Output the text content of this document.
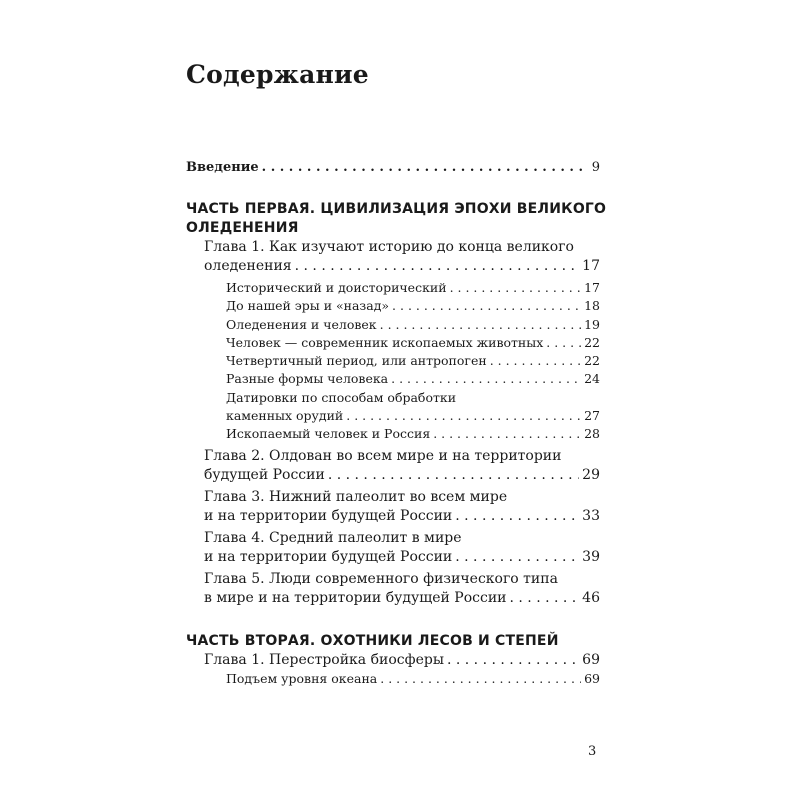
Содержание
Введение . . .	9
ЧАСТЬ ПЕРВАЯ. ЦИВИЛИЗАЦИЯ ЭПОХИ ВЕЛИКОГО
ОЛЕДЕНЕНИЯ
Глава 1. Как изучают историю до конца великого
оледенения . . .	17
Исторический и доисторический . . .	17
До нашей эры и «назад» . . .	18
Оледенения и человек . . .	19
Человек — современник ископаемых животных . . .	22
Четвертичный период, или антропоген . . .	22
Разные формы человека . . .	24
Датировки по способам обработки
каменных орудий . . .	27
Ископаемый человек и Россия . . .	28
Глава 2. Олдован во всем мире и на территории
будущей России . . .	29
Глава 3. Нижний палеолит во всем мире
и на территории будущей России . . .	33
Глава 4. Средний палеолит в мире
и на территории будущей России . . .	39
Глава 5. Люди современного физического типа
в мире и на территории будущей России . . .	46
ЧАСТЬ ВТОРАЯ. ОХОТНИКИ ЛЕСОВ И СТЕПЕЙ
Глава 1. Перестройка биосферы . . .	69
Подъем уровня океана . . .	69
3
